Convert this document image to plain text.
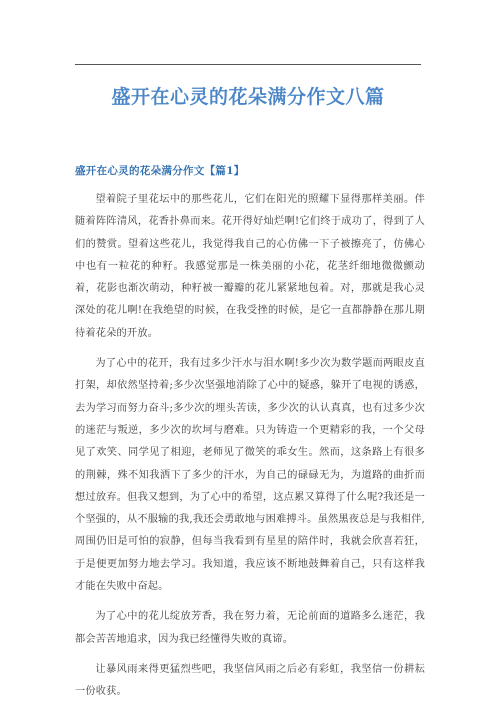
盛开在心灵的花朵满分作文八篇
盛开在心灵的花朵满分作文【篇1】

望着院子里花坛中的那些花儿，它们在阳光的照耀下显得那样美丽。伴随着阵阵清风，花香扑鼻而来。花开得好灿烂啊!它们终于成功了，得到了人们的赞赏。望着这些花儿，我觉得我自己的心仿佛一下子被擦亮了，仿佛心中也有一粒花的种籽。我感觉那是一株美丽的小花，花茎纤细地微微颤动着，花影也渐次萌动，种籽被一瓣瓣的花儿紧紧地包着。对，那就是我心灵深处的花儿啊!在我绝望的时候，在我受挫的时候，是它一直都静静在那儿期待着花朵的开放。

为了心中的花开，我有过多少汗水与泪水啊!多少次为数学题而两眼皮直打架，却依然坚持着;多少次坚强地消除了心中的疑惑，躲开了电视的诱惑，去为学习而努力奋斗;多少次的埋头苦读，多少次的认认真真，也有过多少次的迷茫与叛逆，多少次的坎坷与磨难。只为铸造一个更精彩的我，一个父母见了欢笑、同学见了相迎，老师见了微笑的乖女生。然而，这条路上有很多的荆棘，殊不知我洒下了多少的汗水，为自己的碌碌无为，为道路的曲折而想过放弃。但我又想到，为了心中的希望，这点累又算得了什么呢?我还是一个坚强的，从不服输的我,我还会勇敢地与困难搏斗。虽然黑夜总是与我相伴,周围仍旧是可怕的寂静，但每当我看到有星星的陪伴时，我就会欣喜若狂，于是便更加努力地去学习。我知道，我应该不断地鼓舞着自己，只有这样我才能在失败中奋起。

为了心中的花儿绽放芳香，我在努力着，无论前面的道路多么迷茫，我都会苦苦地追求，因为我已经懂得失败的真谛。

让暴风雨来得更猛烈些吧，我坚信风雨之后必有彩虹，我坚信一份耕耘一份收获。
